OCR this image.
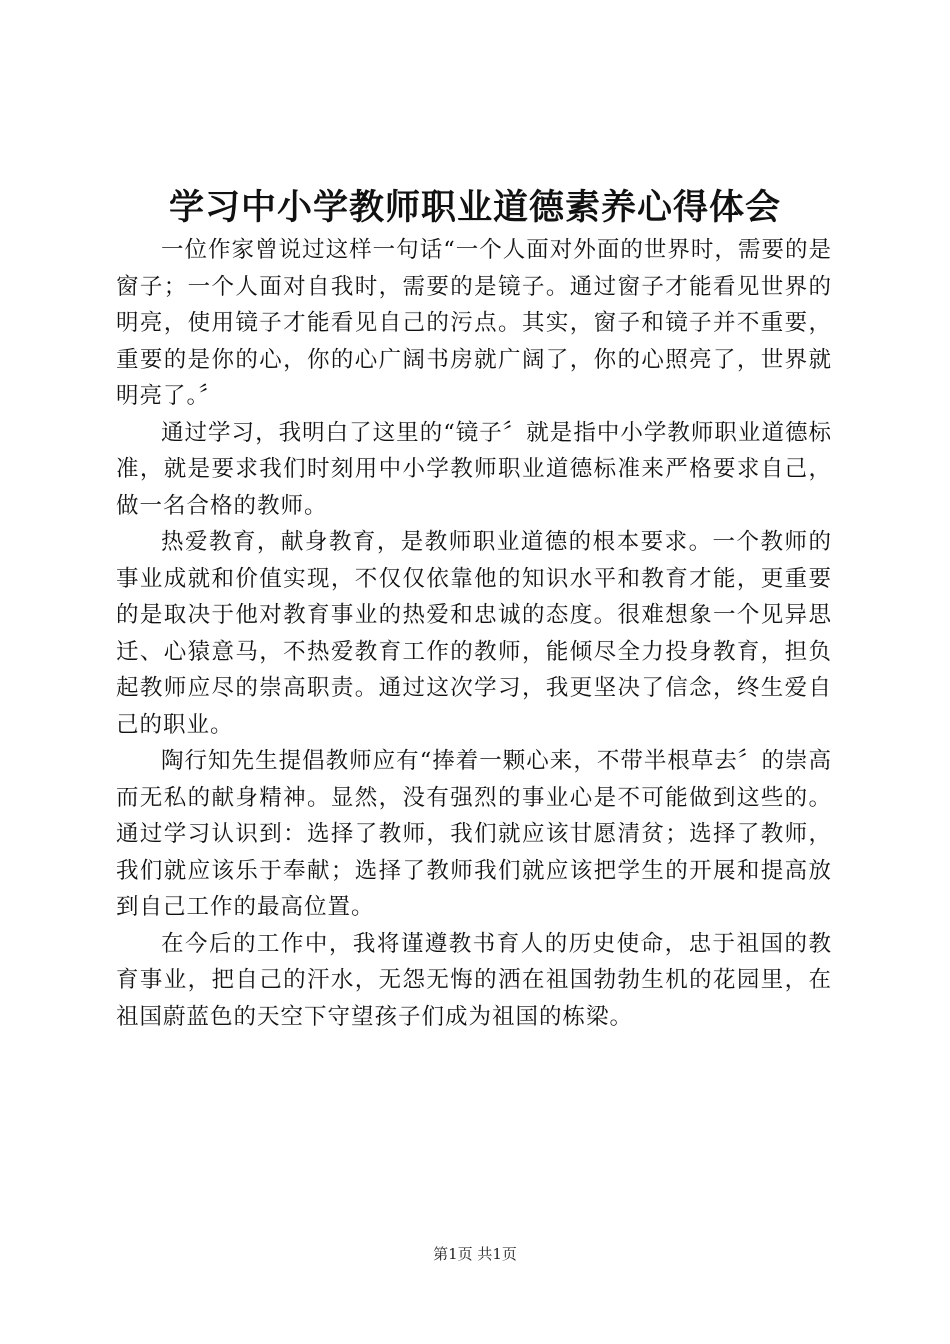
学习中小学教师职业道德素养心得体会

一位作家曾说过这样一句话“一个人面对外面的世界时，需要的是窗子；一个人面对自我时，需要的是镜子。通过窗子才能看见世界的明亮，使用镜子才能看见自己的污点。其实，窗子和镜子并不重要，重要的是你的心，你的心广阔书房就广阔了，你的心照亮了，世界就明亮了。〞

通过学习，我明白了这里的“镜子〞就是指中小学教师职业道德标准，就是要求我们时刻用中小学教师职业道德标准来严格要求自己，做一名合格的教师。

热爱教育，献身教育，是教师职业道德的根本要求。一个教师的事业成就和价值实现，不仅仅依靠他的知识水平和教育才能，更重要的是取决于他对教育事业的热爱和忠诚的态度。很难想象一个见异思迁、心猿意马，不热爱教育工作的教师，能倾尽全力投身教育，担负起教师应尽的崇高职责。通过这次学习，我更坚决了信念，终生爱自己的职业。

陶行知先生提倡教师应有“捧着一颗心来，不带半根草去〞的崇高而无私的献身精神。显然，没有强烈的事业心是不可能做到这些的。通过学习认识到：选择了教师，我们就应该甘愿清贫；选择了教师，我们就应该乐于奉献；选择了教师我们就应该把学生的开展和提高放到自己工作的最高位置。

在今后的工作中，我将谨遵教书育人的历史使命，忠于祖国的教育事业，把自己的汗水，无怨无悔的洒在祖国勃勃生机的花园里，在祖国蔚蓝色的天空下守望孩子们成为祖国的栋梁。

第1页 共1页
